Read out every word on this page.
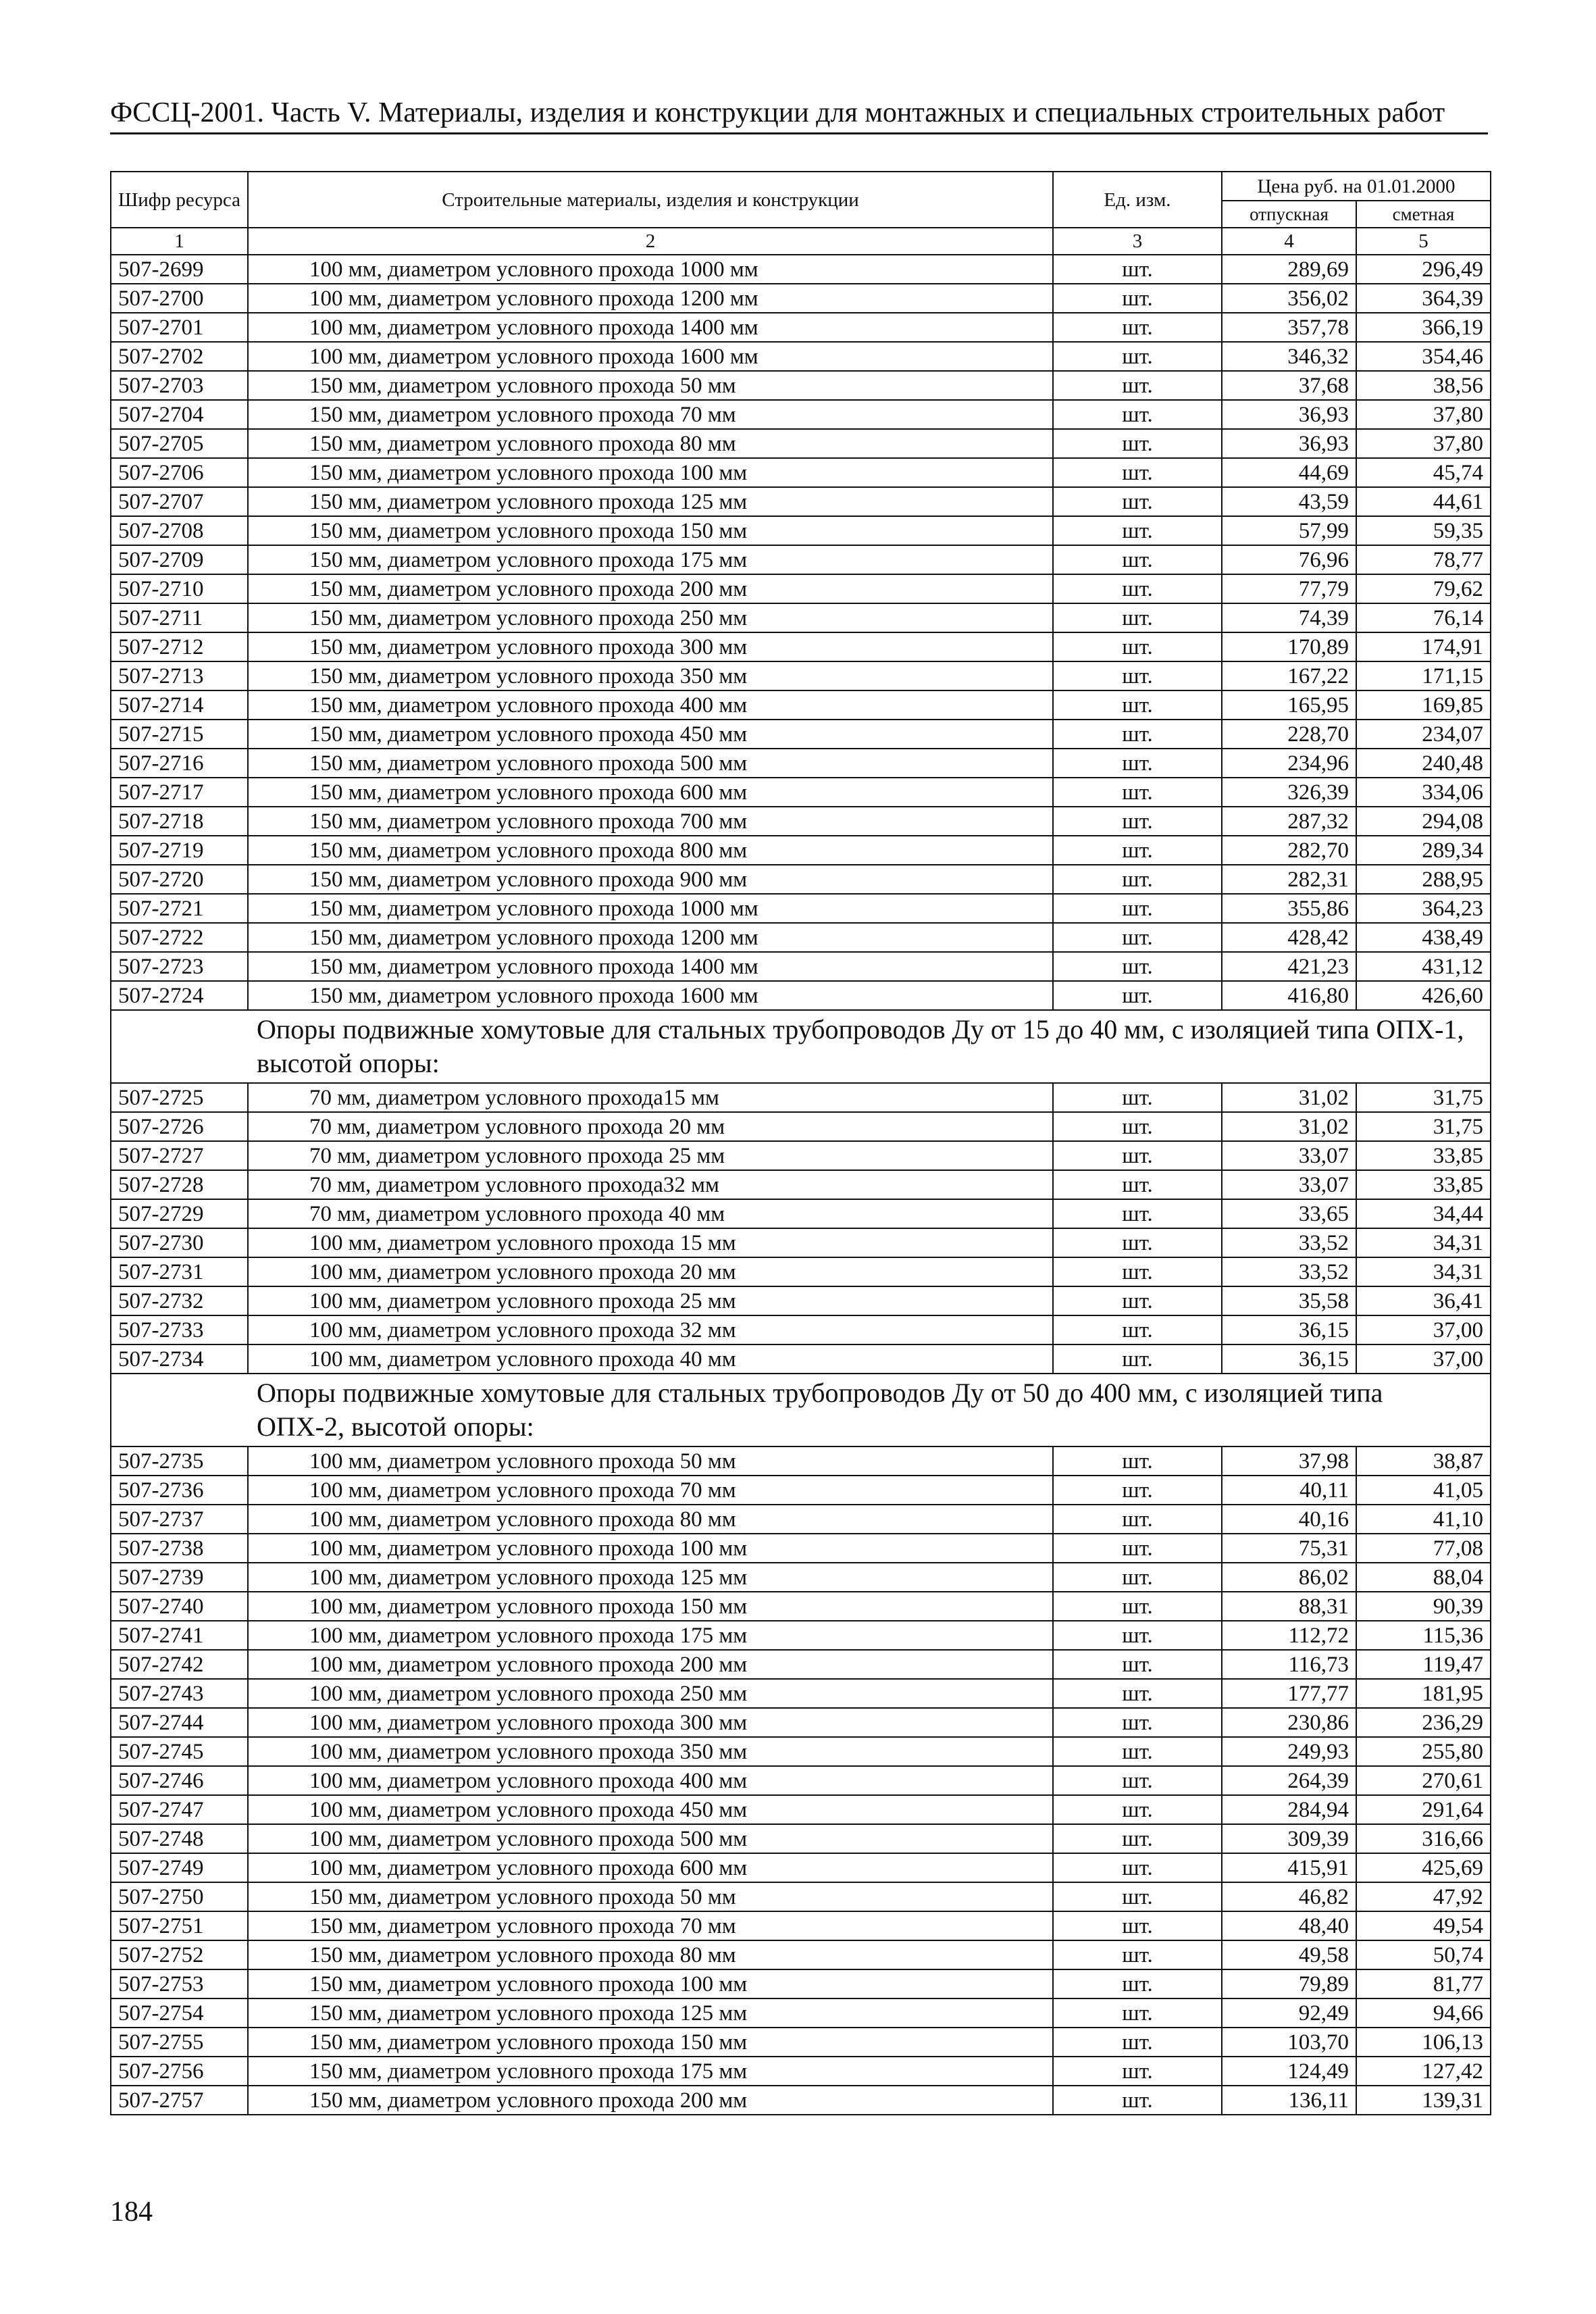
ФССЦ-2001. Часть V. Материалы, изделия и конструкции для монтажных и специальных строительных работ
Шифр ресурса	Строительные материалы, изделия и конструкции	Ед. изм.	Цена руб. на 01.01.2000	
			отпускная	сметная
1	2	3	4	5
507-2699	100 мм, диаметром условного прохода 1000 мм	шт.	289,69	296,49
507-2700	100 мм, диаметром условного прохода 1200 мм	шт.	356,02	364,39
507-2701	100 мм, диаметром условного прохода 1400 мм	шт.	357,78	366,19
507-2702	100 мм, диаметром условного прохода 1600 мм	шт.	346,32	354,46
507-2703	150 мм, диаметром условного прохода 50 мм	шт.	37,68	38,56
507-2704	150 мм, диаметром условного прохода 70 мм	шт.	36,93	37,80
507-2705	150 мм, диаметром условного прохода 80 мм	шт.	36,93	37,80
507-2706	150 мм, диаметром условного прохода 100 мм	шт.	44,69	45,74
507-2707	150 мм, диаметром условного прохода 125 мм	шт.	43,59	44,61
507-2708	150 мм, диаметром условного прохода 150 мм	шт.	57,99	59,35
507-2709	150 мм, диаметром условного прохода 175 мм	шт.	76,96	78,77
507-2710	150 мм, диаметром условного прохода 200 мм	шт.	77,79	79,62
507-2711	150 мм, диаметром условного прохода 250 мм	шт.	74,39	76,14
507-2712	150 мм, диаметром условного прохода 300 мм	шт.	170,89	174,91
507-2713	150 мм, диаметром условного прохода 350 мм	шт.	167,22	171,15
507-2714	150 мм, диаметром условного прохода 400 мм	шт.	165,95	169,85
507-2715	150 мм, диаметром условного прохода 450 мм	шт.	228,70	234,07
507-2716	150 мм, диаметром условного прохода 500 мм	шт.	234,96	240,48
507-2717	150 мм, диаметром условного прохода 600 мм	шт.	326,39	334,06
507-2718	150 мм, диаметром условного прохода 700 мм	шт.	287,32	294,08
507-2719	150 мм, диаметром условного прохода 800 мм	шт.	282,70	289,34
507-2720	150 мм, диаметром условного прохода 900 мм	шт.	282,31	288,95
507-2721	150 мм, диаметром условного прохода 1000 мм	шт.	355,86	364,23
507-2722	150 мм, диаметром условного прохода 1200 мм	шт.	428,42	438,49
507-2723	150 мм, диаметром условного прохода 1400 мм	шт.	421,23	431,12
507-2724	150 мм, диаметром условного прохода 1600 мм	шт.	416,80	426,60
Опоры подвижные хомутовые для стальных трубопроводов Ду от 15 до 40 мм, с изоляцией типа ОПХ-1, высотой опоры:				
507-2725	70 мм, диаметром условного прохода15 мм	шт.	31,02	31,75
507-2726	70 мм, диаметром условного прохода 20 мм	шт.	31,02	31,75
507-2727	70 мм, диаметром условного прохода 25 мм	шт.	33,07	33,85
507-2728	70 мм, диаметром условного прохода32 мм	шт.	33,07	33,85
507-2729	70 мм, диаметром условного прохода 40 мм	шт.	33,65	34,44
507-2730	100 мм, диаметром условного прохода 15 мм	шт.	33,52	34,31
507-2731	100 мм, диаметром условного прохода 20 мм	шт.	33,52	34,31
507-2732	100 мм, диаметром условного прохода 25 мм	шт.	35,58	36,41
507-2733	100 мм, диаметром условного прохода 32 мм	шт.	36,15	37,00
507-2734	100 мм, диаметром условного прохода 40 мм	шт.	36,15	37,00
Опоры подвижные хомутовые для стальных трубопроводов Ду от 50 до 400 мм, с изоляцией типа ОПХ-2, высотой опоры:				
507-2735	100 мм, диаметром условного прохода 50 мм	шт.	37,98	38,87
507-2736	100 мм, диаметром условного прохода 70 мм	шт.	40,11	41,05
507-2737	100 мм, диаметром условного прохода 80 мм	шт.	40,16	41,10
507-2738	100 мм, диаметром условного прохода 100 мм	шт.	75,31	77,08
507-2739	100 мм, диаметром условного прохода 125 мм	шт.	86,02	88,04
507-2740	100 мм, диаметром условного прохода 150 мм	шт.	88,31	90,39
507-2741	100 мм, диаметром условного прохода 175 мм	шт.	112,72	115,36
507-2742	100 мм, диаметром условного прохода 200 мм	шт.	116,73	119,47
507-2743	100 мм, диаметром условного прохода 250 мм	шт.	177,77	181,95
507-2744	100 мм, диаметром условного прохода 300 мм	шт.	230,86	236,29
507-2745	100 мм, диаметром условного прохода 350 мм	шт.	249,93	255,80
507-2746	100 мм, диаметром условного прохода 400 мм	шт.	264,39	270,61
507-2747	100 мм, диаметром условного прохода 450 мм	шт.	284,94	291,64
507-2748	100 мм, диаметром условного прохода 500 мм	шт.	309,39	316,66
507-2749	100 мм, диаметром условного прохода 600 мм	шт.	415,91	425,69
507-2750	150 мм, диаметром условного прохода 50 мм	шт.	46,82	47,92
507-2751	150 мм, диаметром условного прохода 70 мм	шт.	48,40	49,54
507-2752	150 мм, диаметром условного прохода 80 мм	шт.	49,58	50,74
507-2753	150 мм, диаметром условного прохода 100 мм	шт.	79,89	81,77
507-2754	150 мм, диаметром условного прохода 125 мм	шт.	92,49	94,66
507-2755	150 мм, диаметром условного прохода 150 мм	шт.	103,70	106,13
507-2756	150 мм, диаметром условного прохода 175 мм	шт.	124,49	127,42
507-2757	150 мм, диаметром условного прохода 200 мм	шт.	136,11	139,31
184
